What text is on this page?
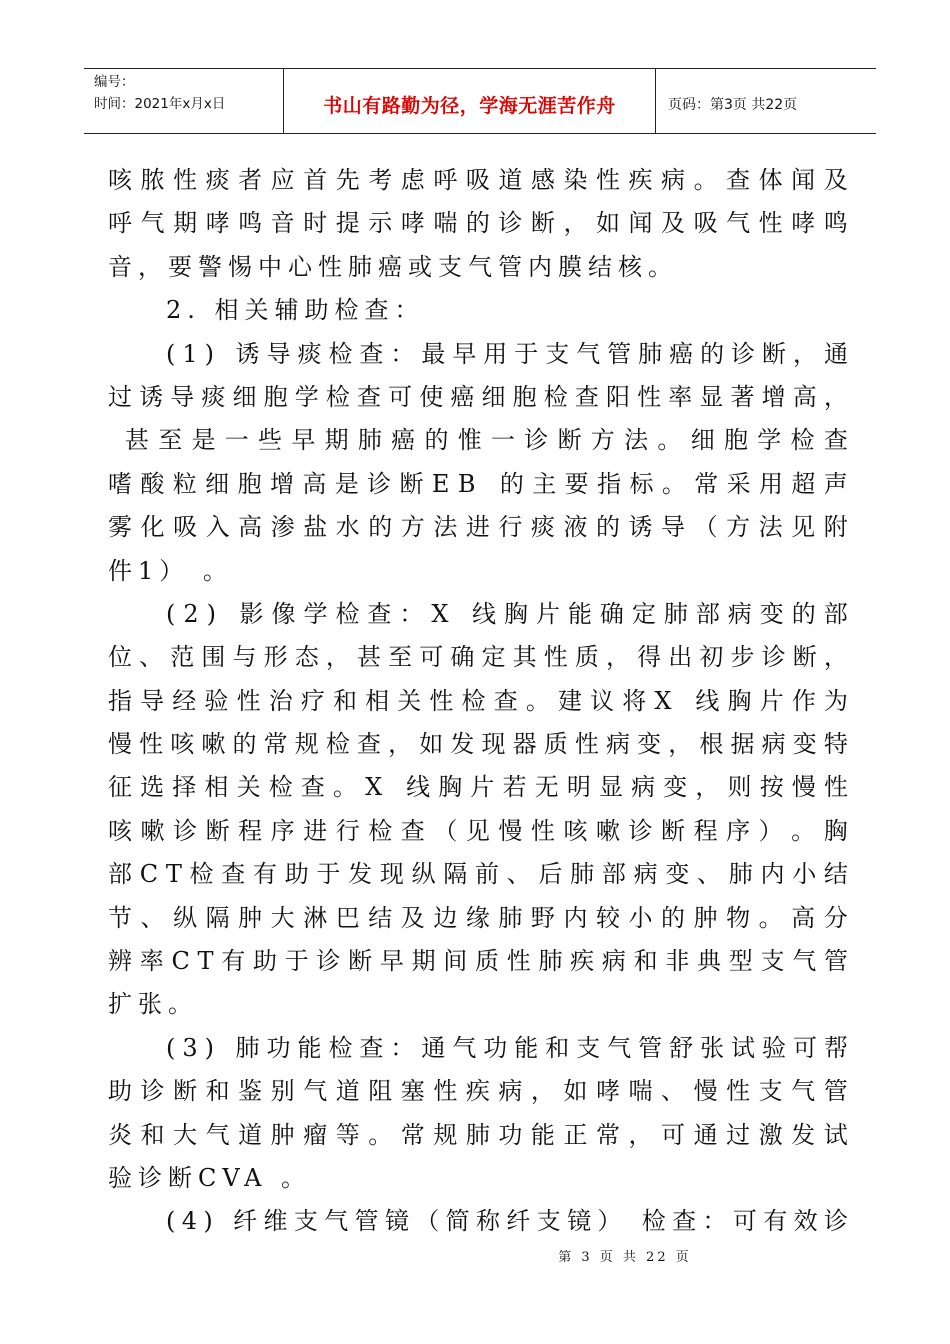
编号：
时间：2021年x月x日	书山有路勤为径，学海无涯苦作舟	页码：第3页 共22页
咳 脓 性 痰 者 应 首 先 考 虑 呼 吸 道 感 染 性 疾 病 。 查 体 闻 及
呼 气 期 哮 鸣 音 时 提 示 哮 喘 的 诊 断 ， 如 闻 及 吸 气 性 哮 鸣
音，要警惕中心性肺癌或支气管内膜结核。
2. 相关辅助检查：
( 1 )
诱 导 痰 检 查 ： 最 早 用 于 支 气 管 肺 癌 的 诊 断 ， 通
过 诱 导 痰 细 胞 学 检 查 可 使 癌 细 胞 检 查 阳 性 率 显 著 增 高 ，

甚 至 是 一 些 早 期 肺 癌 的 惟 一 诊 断 方 法 。 细 胞 学 检 查
嗜 酸 粒 细 胞 增 高 是 诊 断 E B
的 主 要 指 标 。 常 采 用 超 声
雾 化 吸 入 高 渗 盐 水 的 方 法 进 行 痰 液 的 诱 导 （ 方 法 见 附
件1） 。
( 2 )
影 像 学 检 查 ： X
线 胸 片 能 确 定 肺 部 病 变 的 部
位 、 范 围 与 形 态 ， 甚 至 可 确 定 其 性 质 ， 得 出 初 步 诊 断 ，
指 导 经 验 性 治 疗 和 相 关 性 检 查 。 建 议 将 X
线 胸 片 作 为
慢 性 咳 嗽 的 常 规 检 查 ， 如 发 现 器 质 性 病 变 ， 根 据 病 变 特
征 选 择 相 关 检 查 。 X
线 胸 片 若 无 明 显 病 变 ， 则 按 慢 性
咳 嗽 诊 断 程 序 进 行 检 查 （ 见 慢 性 咳 嗽 诊 断 程 序 ） 。 胸
部 C T 检 查 有 助 于 发 现 纵 隔 前 、 后 肺 部 病 变 、 肺 内 小 结
节 、 纵 隔 肿 大 淋 巴 结 及 边 缘 肺 野 内 较 小 的 肿 物 。 高 分
辨 率 C T 有 助 于 诊 断 早 期 间 质 性 肺 疾 病 和 非 典 型 支 气 管
扩张。
( 3 )
肺 功 能 检 查 ： 通 气 功 能 和 支 气 管 舒 张 试 验 可 帮
助 诊 断 和 鉴 别 气 道 阻 塞 性 疾 病 ， 如 哮 喘 、 慢 性 支 气 管
炎 和 大 气 道 肿 瘤 等 。 常 规 肺 功 能 正 常 ， 可 通 过 激 发 试
验诊断CVA 。
( 4 )
纤 维 支 气 管 镜 （ 简 称 纤 支 镜 ）
检 查 ： 可 有 效 诊
第 3 页 共 22 页
